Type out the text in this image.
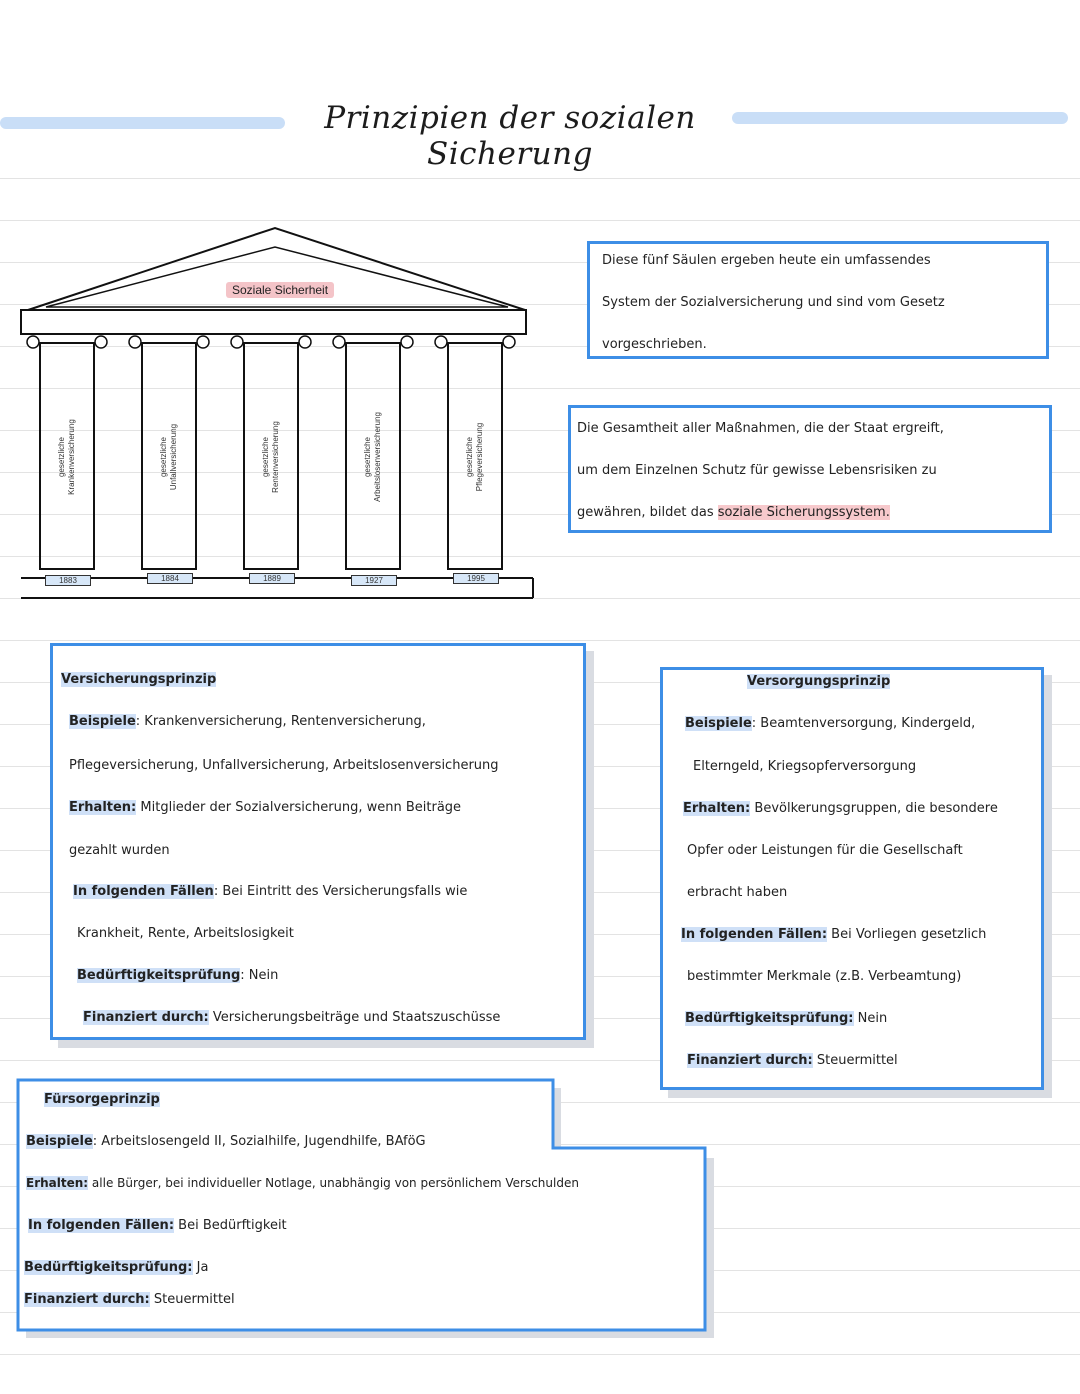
Prinzipien der sozialen Sicherung
Soziale Sicherheit
gesetzliche
Krankenversicherung	gesetzliche
Unfallversicherung	gesetzliche
Rentenversicherung	gesetzliche
Arbeitslosenversicherung	gesetzliche
Pflegeversicherung
1883	1884	1889	1927	1995
Diese fünf Säulen ergeben heute ein umfassendes
System der Sozialversicherung und sind vom Gesetz
vorgeschrieben.
Die Gesamtheit aller Maßnahmen, die der Staat ergreift,
um dem Einzelnen Schutz für gewisse Lebensrisiken zu
gewähren, bildet das soziale Sicherungssystem.
Versicherungsprinzip
Beispiele: Krankenversicherung, Rentenversicherung,
Pflegeversicherung, Unfallversicherung, Arbeitslosenversicherung
Erhalten: Mitglieder der Sozialversicherung, wenn Beiträge
gezahlt wurden
In folgenden Fällen: Bei Eintritt des Versicherungsfalls wie
Krankheit, Rente, Arbeitslosigkeit
Bedürftigkeitsprüfung: Nein
Finanziert durch: Versicherungsbeiträge und Staatszuschüsse
Versorgungsprinzip
Beispiele: Beamtenversorgung, Kindergeld,
Elterngeld, Kriegsopferversorgung
Erhalten: Bevölkerungsgruppen, die besondere
Opfer oder Leistungen für die Gesellschaft
erbracht haben
In folgenden Fällen: Bei Vorliegen gesetzlich
bestimmter Merkmale (z.B. Verbeamtung)
Bedürftigkeitsprüfung: Nein
Finanziert durch: Steuermittel
Fürsorgeprinzip
Beispiele: Arbeitslosengeld II, Sozialhilfe, Jugendhilfe, BAföG
Erhalten: alle Bürger, bei individueller Notlage, unabhängig von persönlichem Verschulden
In folgenden Fällen: Bei Bedürftigkeit
Bedürftigkeitsprüfung: Ja
Finanziert durch: Steuermittel
